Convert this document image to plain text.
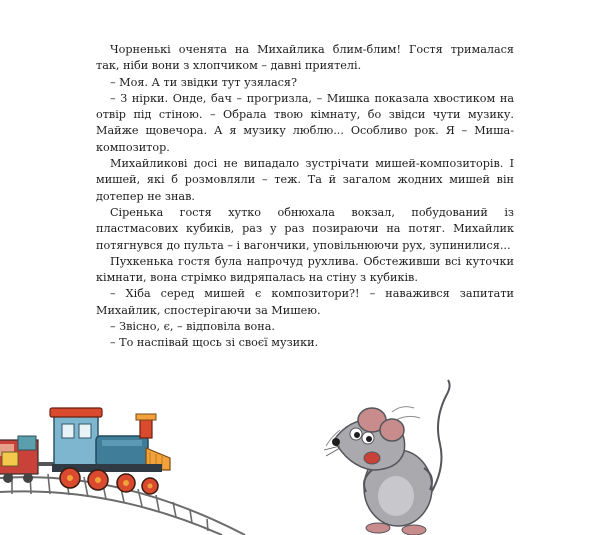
Чорненькі оченята на Михайлика блим-блим! Гостя трималася так, ніби вони з хлопчиком – давні приятелі.

– Моя. А ти звідки тут узялася?

– З нірки. Онде, бач – прогризла, – Мишка показала хвостиком на отвір під стіною. – Обрала твою кімнату, бо звідси чути музику. Майже щовечора. А я музику люблю... Особливо рок. Я – Миша-композитор.

Михайликові досі не випадало зустрічати мишей-композиторів. І мишей, які б розмовляли – теж. Та й загалом жодних мишей він дотепер не знав.

Сіренька гостя хутко обнюхала вокзал, побудований із пластмасових кубиків, раз у раз позираючи на потяг. Михайлик потягнувся до пульта – і вагончики, уповільнюючи рух, зупинилися...

Пухкенька гостя була напрочуд рухлива. Обстеживши всі куточки кімнати, вона стрімко видряпалась на стіну з кубиків.

– Хіба серед мишей є композитори?! – наважився запитати Михайлик, спостерігаючи за Мишею.

– Звісно, є, – відповіла вона.

– То наспівай щось зі своєї музики.
